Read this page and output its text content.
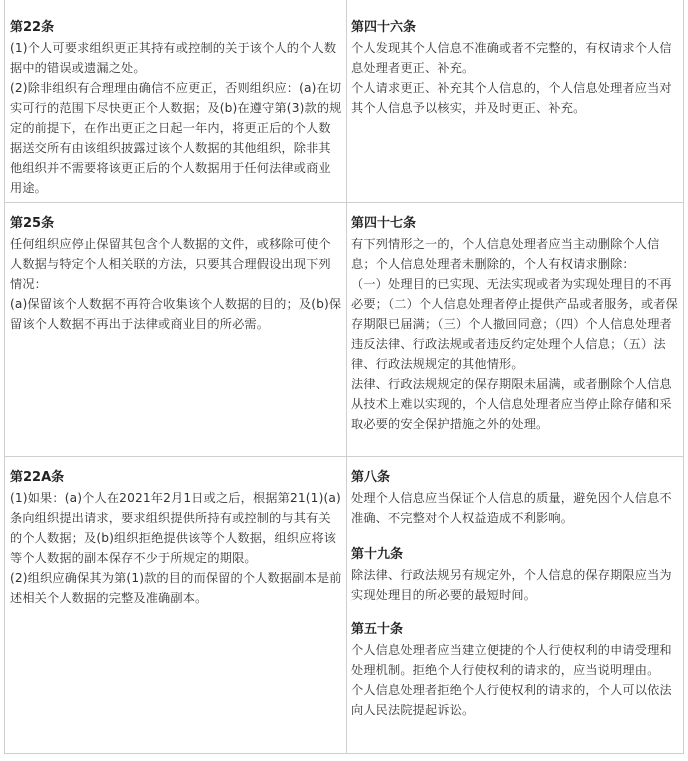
第22条

(1)个人可要求组织更正其持有或控制的关于该个人的个人数据中的错误或遗漏之处。

(2)除非组织有合理理由确信不应更正，否则组织应：(a)在切实可行的范围下尽快更正个人数据；及(b)在遵守第(3)款的规定的前提下，在作出更正之日起一年内，将更正后的个人数据送交所有由该组织披露过该个人数据的其他组织，除非其他组织并不需要将该更正后的个人数据用于任何法律或商业用途。

第四十六条

个人发现其个人信息不准确或者不完整的，有权请求个人信息处理者更正、补充。

个人请求更正、补充其个人信息的，个人信息处理者应当对其个人信息予以核实，并及时更正、补充。

第25条

任何组织应停止保留其包含个人数据的文件，或移除可使个人数据与特定个人相关联的方法，只要其合理假设出现下列情况：

(a)保留该个人数据不再符合收集该个人数据的目的；及(b)保留该个人数据不再出于法律或商业目的所必需。

第四十七条

有下列情形之一的，个人信息处理者应当主动删除个人信息；个人信息处理者未删除的，个人有权请求删除：

（一）处理目的已实现、无法实现或者为实现处理目的不再必要；（二）个人信息处理者停止提供产品或者服务，或者保存期限已届满；（三）个人撤回同意；（四）个人信息处理者违反法律、行政法规或者违反约定处理个人信息；（五）法律、行政法规规定的其他情形。

法律、行政法规规定的保存期限未届满，或者删除个人信息从技术上难以实现的，个人信息处理者应当停止除存储和采取必要的安全保护措施之外的处理。

第22A条

(1)如果：(a)个人在2021年2月1日或之后，根据第21(1)(a)条向组织提出请求，要求组织提供所持有或控制的与其有关的个人数据；及(b)组织拒绝提供该等个人数据，组织应将该等个人数据的副本保存不少于所规定的期限。

(2)组织应确保其为第(1)款的目的而保留的个人数据副本是前述相关个人数据的完整及准确副本。

第八条

处理个人信息应当保证个人信息的质量，避免因个人信息不准确、不完整对个人权益造成不利影响。

第十九条

除法律、行政法规另有规定外，个人信息的保存期限应当为实现处理目的所必要的最短时间。

第五十条

个人信息处理者应当建立便捷的个人行使权利的申请受理和处理机制。拒绝个人行使权利的请求的，应当说明理由。

个人信息处理者拒绝个人行使权利的请求的，个人可以依法向人民法院提起诉讼。
